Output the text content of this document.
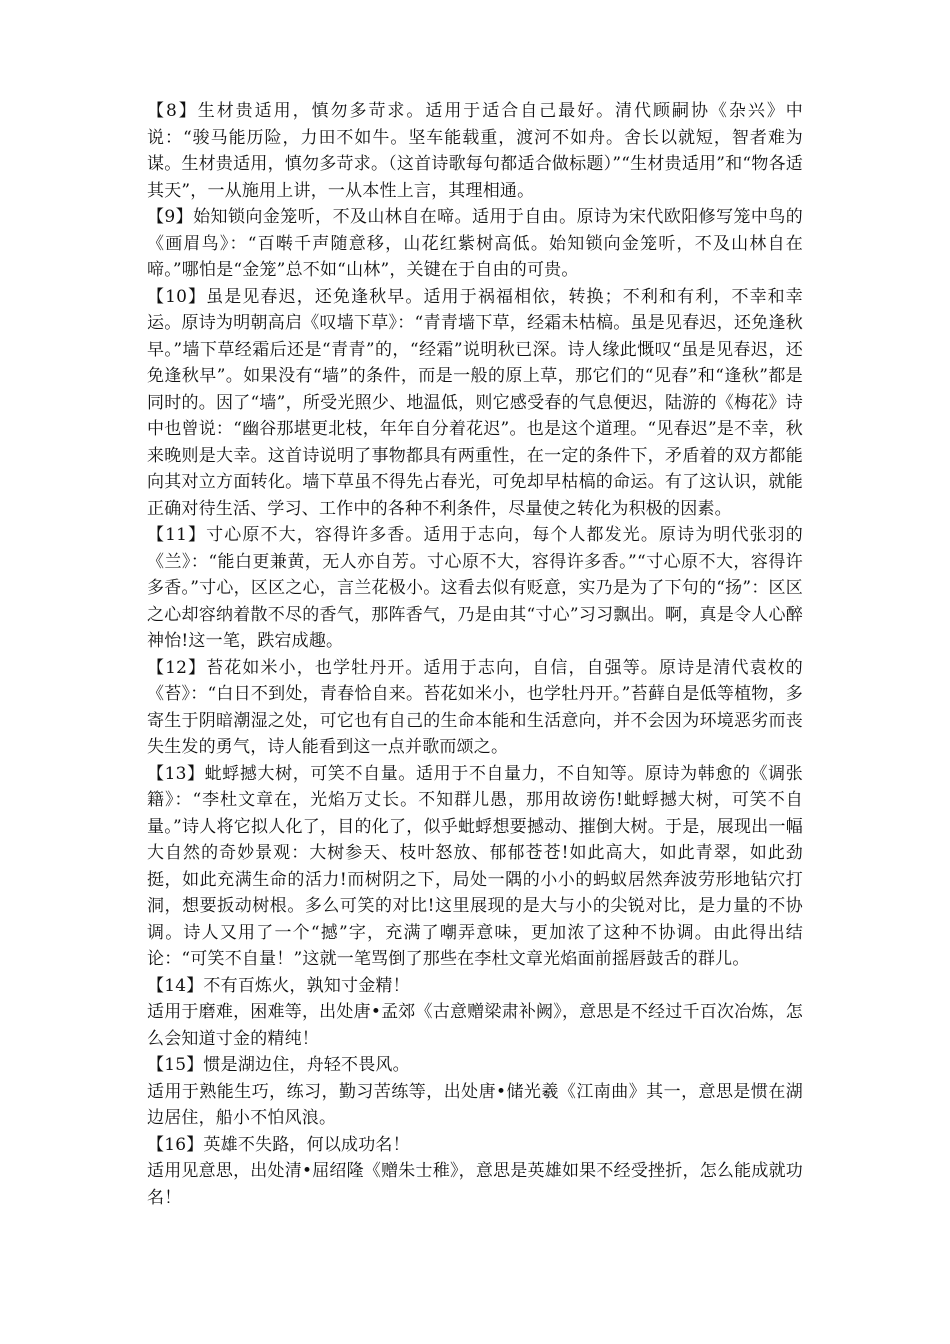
【8】生材贵适用，慎勿多苛求。适用于适合自己最好。清代顾嗣协《杂兴》中说：“骏马能历险，力田不如牛。坚车能载重，渡河不如舟。舍长以就短，智者难为谋。生材贵适用，慎勿多苛求。（这首诗歌每句都适合做标题）”“生材贵适用”和“物各适其天”，一从施用上讲，一从本性上言，其理相通。

【9】始知锁向金笼听，不及山林自在啼。适用于自由。原诗为宋代欧阳修写笼中鸟的《画眉鸟》：“百啭千声随意移，山花红紫树高低。始知锁向金笼听，不及山林自在啼。”哪怕是“金笼”总不如“山林”，关键在于自由的可贵。

【10】虽是见春迟，还免逢秋早。适用于祸福相依，转换；不利和有利，不幸和幸运。原诗为明朝高启《叹墙下草》：“青青墙下草，经霜未枯槁。虽是见春迟，还免逢秋早。”墙下草经霜后还是“青青”的，“经霜”说明秋已深。诗人缘此慨叹“虽是见春迟，还免逢秋早”。如果没有“墙”的条件，而是一般的原上草，那它们的“见春”和“逢秋”都是同时的。因了“墙”，所受光照少、地温低，则它感受春的气息便迟，陆游的《梅花》诗中也曾说：“幽谷那堪更北枝，年年自分着花迟”。也是这个道理。“见春迟”是不幸，秋来晚则是大幸。这首诗说明了事物都具有两重性，在一定的条件下，矛盾着的双方都能向其对立方面转化。墙下草虽不得先占春光，可免却早枯槁的命运。有了这认识，就能正确对待生活、学习、工作中的各种不利条件，尽量使之转化为积极的因素。

【11】寸心原不大，容得许多香。适用于志向，每个人都发光。原诗为明代张羽的《兰》：“能白更兼黄，无人亦自芳。寸心原不大，容得许多香。”“寸心原不大，容得许多香。”寸心，区区之心，言兰花极小。这看去似有贬意，实乃是为了下句的“扬”：区区之心却容纳着散不尽的香气，那阵香气，乃是由其“寸心”习习飘出。啊，真是令人心醉神怡!这一笔，跌宕成趣。

【12】苔花如米小，也学牡丹开。适用于志向，自信，自强等。原诗是清代袁枚的《苔》：“白日不到处，青春恰自来。苔花如米小，也学牡丹开。”苔藓自是低等植物，多寄生于阴暗潮湿之处，可它也有自己的生命本能和生活意向，并不会因为环境恶劣而丧失生发的勇气，诗人能看到这一点并歌而颂之。

【13】蚍蜉撼大树，可笑不自量。适用于不自量力，不自知等。原诗为韩愈的《调张籍》：“李杜文章在，光焰万丈长。不知群儿愚，那用故谤伤!蚍蜉撼大树，可笑不自量。”诗人将它拟人化了，目的化了，似乎蚍蜉想要撼动、摧倒大树。于是，展现出一幅大自然的奇妙景观：大树参天、枝叶怒放、郁郁苍苍!如此高大，如此青翠，如此劲挺，如此充满生命的活力!而树阴之下，局处一隅的小小的蚂蚁居然奔波劳形地钻穴打洞，想要扳动树根。多么可笑的对比!这里展现的是大与小的尖锐对比，是力量的不协调。诗人又用了一个“撼”字，充满了嘲弄意味，更加浓了这种不协调。由此得出结论：“可笑不自量！”这就一笔骂倒了那些在李杜文章光焰面前摇唇鼓舌的群儿。

【14】不有百炼火，孰知寸金精！

适用于磨难，困难等，出处唐•孟郊《古意赠梁肃补阙》，意思是不经过千百次冶炼，怎么会知道寸金的精纯！

【15】惯是湖边住，舟轻不畏风。

适用于熟能生巧，练习，勤习苦练等，出处唐•储光羲《江南曲》其一，意思是惯在湖边居住，船小不怕风浪。

【16】英雄不失路，何以成功名！

适用见意思，出处清•屈绍隆《赠朱士稚》，意思是英雄如果不经受挫折，怎么能成就功名！
